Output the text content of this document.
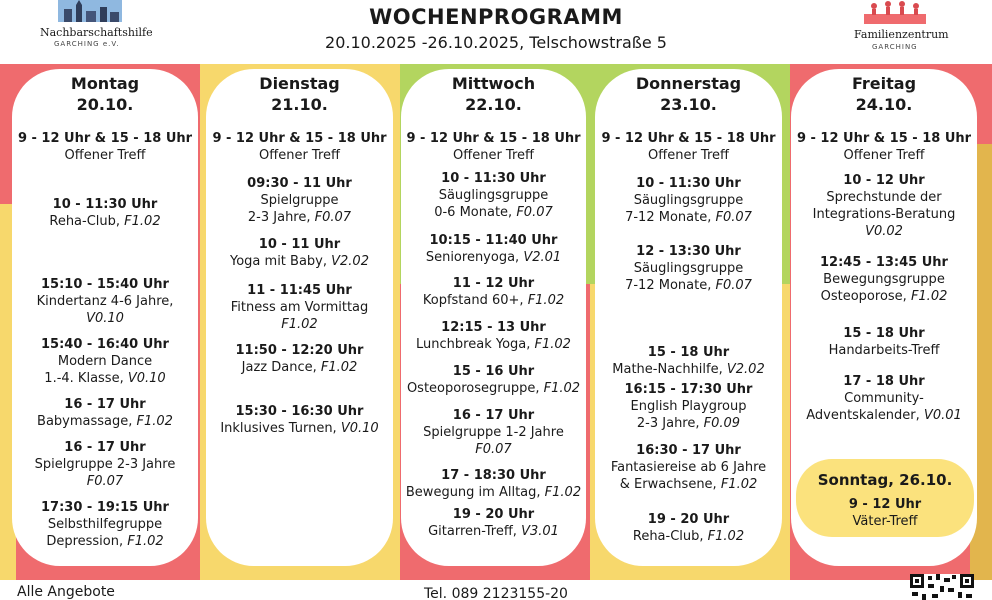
Nachbarschaftshilfe
GARCHING e.V.
Familienzentrum
GARCHING
WOCHENPROGRAMM
20.10.2025 -26.10.2025, Telschowstraße 5
Montag
20.10.
9 - 12 Uhr & 15 - 18 Uhr
Offener Treff
10 - 11:30 Uhr
Reha-Club, F1.02
15:10 - 15:40 Uhr
Kindertanz 4-6 Jahre,
V0.10
15:40 - 16:40 Uhr
Modern Dance
1.-4. Klasse, V0.10
16 - 17 Uhr
Babymassage, F1.02
16 - 17 Uhr
Spielgruppe 2-3 Jahre
F0.07
17:30 - 19:15 Uhr
Selbsthilfegruppe
Depression, F1.02
Dienstag
21.10.
9 - 12 Uhr & 15 - 18 Uhr
Offener Treff
09:30 - 11 Uhr
Spielgruppe
2-3 Jahre, F0.07
10 - 11 Uhr
Yoga mit Baby, V2.02
11 - 11:45 Uhr
Fitness am Vormittag
F1.02
11:50 - 12:20 Uhr
Jazz Dance, F1.02
15:30 - 16:30 Uhr
Inklusives Turnen, V0.10
Mittwoch
22.10.
9 - 12 Uhr & 15 - 18 Uhr
Offener Treff
10 - 11:30 Uhr
Säuglingsgruppe
0-6 Monate, F0.07
10:15 - 11:40 Uhr
Seniorenyoga, V2.01
11 - 12 Uhr
Kopfstand 60+, F1.02
12:15 - 13 Uhr
Lunchbreak Yoga, F1.02
15 - 16 Uhr
Osteoporosegruppe, F1.02
16 - 17 Uhr
Spielgruppe 1-2 Jahre
F0.07
17 - 18:30 Uhr
Bewegung im Alltag, F1.02
19 - 20 Uhr
Gitarren-Treff, V3.01
Donnerstag
23.10.
9 - 12 Uhr & 15 - 18 Uhr
Offener Treff
10 - 11:30 Uhr
Säuglingsgruppe
7-12 Monate, F0.07
12 - 13:30 Uhr
Säuglingsgruppe
7-12 Monate, F0.07
15 - 18 Uhr
Mathe-Nachhilfe, V2.02
16:15 - 17:30 Uhr
English Playgroup
2-3 Jahre, F0.09
16:30 - 17 Uhr
Fantasiereise ab 6 Jahre
& Erwachsene, F1.02
19 - 20 Uhr
Reha-Club, F1.02
Freitag
24.10.
9 - 12 Uhr & 15 - 18 Uhr
Offener Treff
10 - 12 Uhr
Sprechstunde der
Integrations-Beratung
V0.02
12:45 - 13:45 Uhr
Bewegungsgruppe
Osteoporose, F1.02
15 - 18 Uhr
Handarbeits-Treff
17 - 18 Uhr
Community-
Adventskalender, V0.01
Sonntag, 26.10.
9 - 12 Uhr
Väter-Treff
Alle Angebote	Tel. 089 2123155-20
